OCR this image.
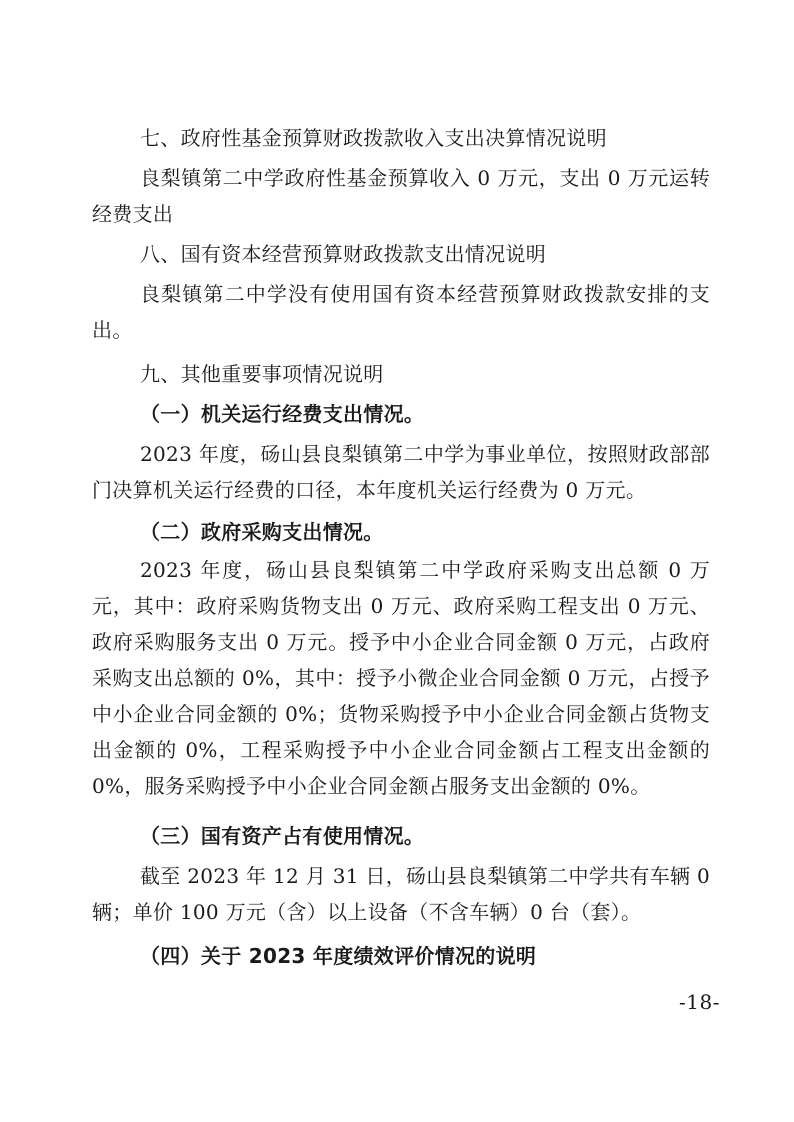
七、政府性基金预算财政拨款收入支出决算情况说明

良梨镇第二中学政府性基金预算收入 0 万元，支出 0 万元运转经费支出

八、国有资本经营预算财政拨款支出情况说明

良梨镇第二中学没有使用国有资本经营预算财政拨款安排的支出。

九、其他重要事项情况说明

（一）机关运行经费支出情况。

2023 年度，砀山县良梨镇第二中学为事业单位，按照财政部部门决算机关运行经费的口径，本年度机关运行经费为 0 万元。

（二）政府采购支出情况。

2023 年度，砀山县良梨镇第二中学政府采购支出总额 0 万元，其中：政府采购货物支出 0 万元、政府采购工程支出 0 万元、政府采购服务支出 0 万元。授予中小企业合同金额 0 万元，占政府采购支出总额的 0%，其中：授予小微企业合同金额 0 万元，占授予中小企业合同金额的 0%；货物采购授予中小企业合同金额占货物支出金额的 0%，工程采购授予中小企业合同金额占工程支出金额的 0%，服务采购授予中小企业合同金额占服务支出金额的 0%。

（三）国有资产占有使用情况。

截至 2023 年 12 月 31 日，砀山县良梨镇第二中学共有车辆 0 辆；单价 100 万元（含）以上设备（不含车辆）0 台（套）。

（四）关于 2023 年度绩效评价情况的说明

-18-
